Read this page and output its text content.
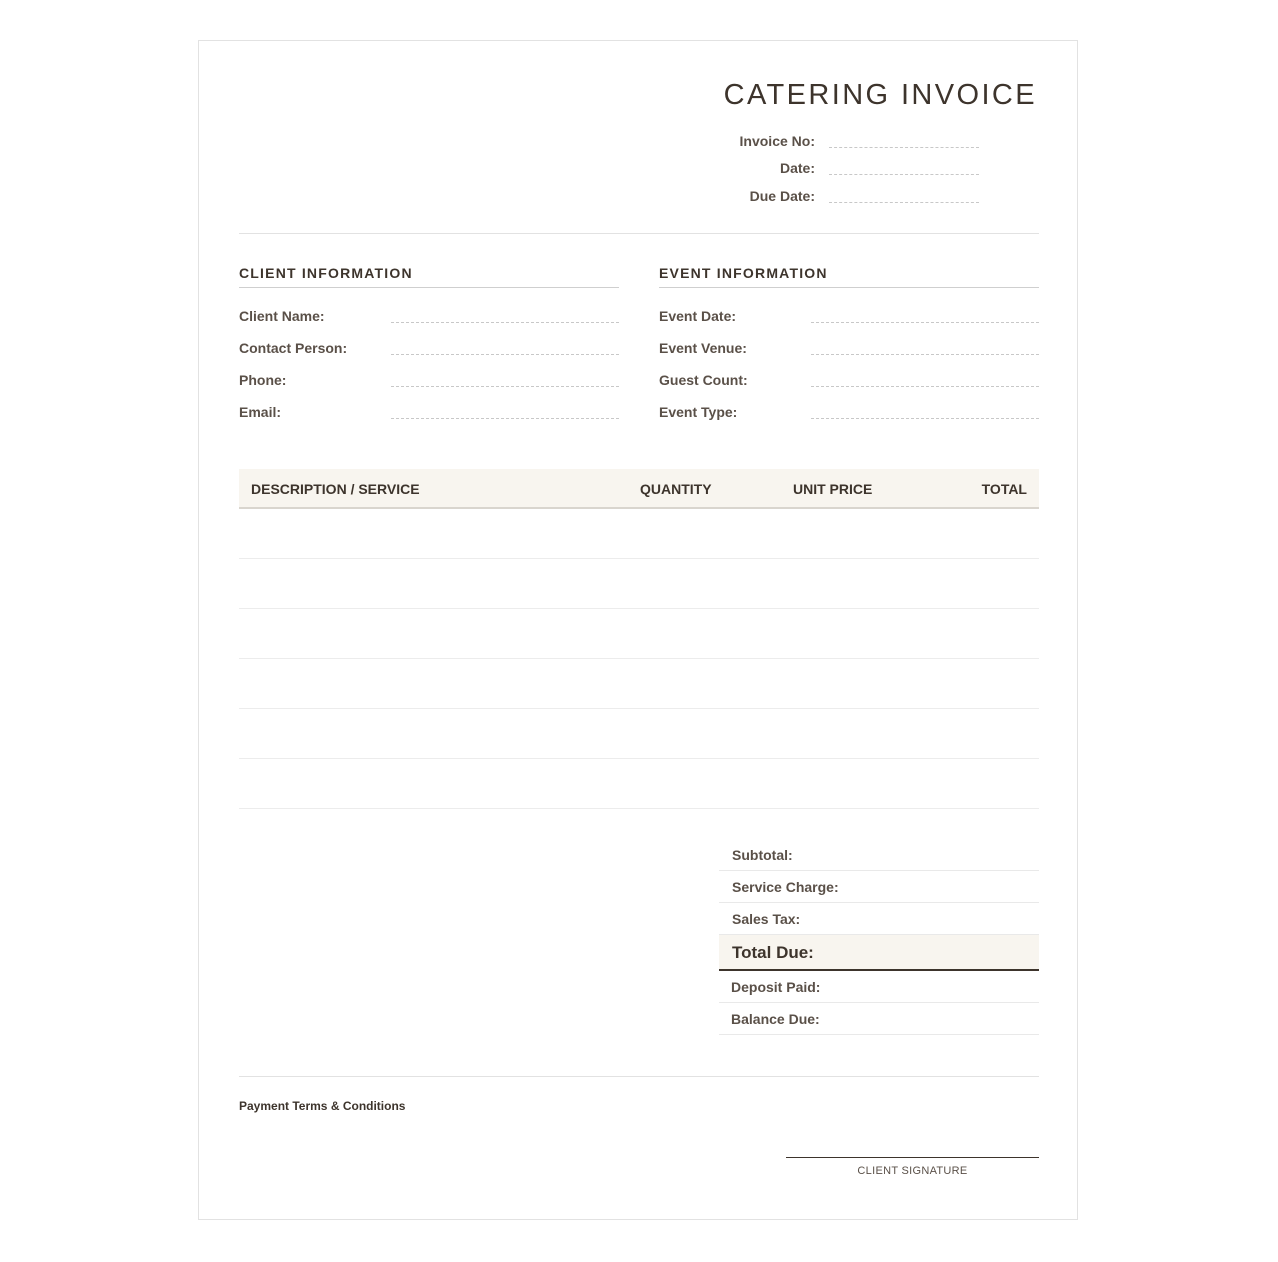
CATERING INVOICE
Invoice No:
Date:
Due Date:
CLIENT INFORMATION
Client Name:
Contact Person:
Phone:
Email:
EVENT INFORMATION
Event Date:
Event Venue:
Guest Count:
Event Type:
DESCRIPTION / SERVICE	QUANTITY	UNIT PRICE	TOTAL
Subtotal:
Service Charge:
Sales Tax:
Total Due:
Deposit Paid:
Balance Due:
Payment Terms & Conditions
CLIENT SIGNATURE
